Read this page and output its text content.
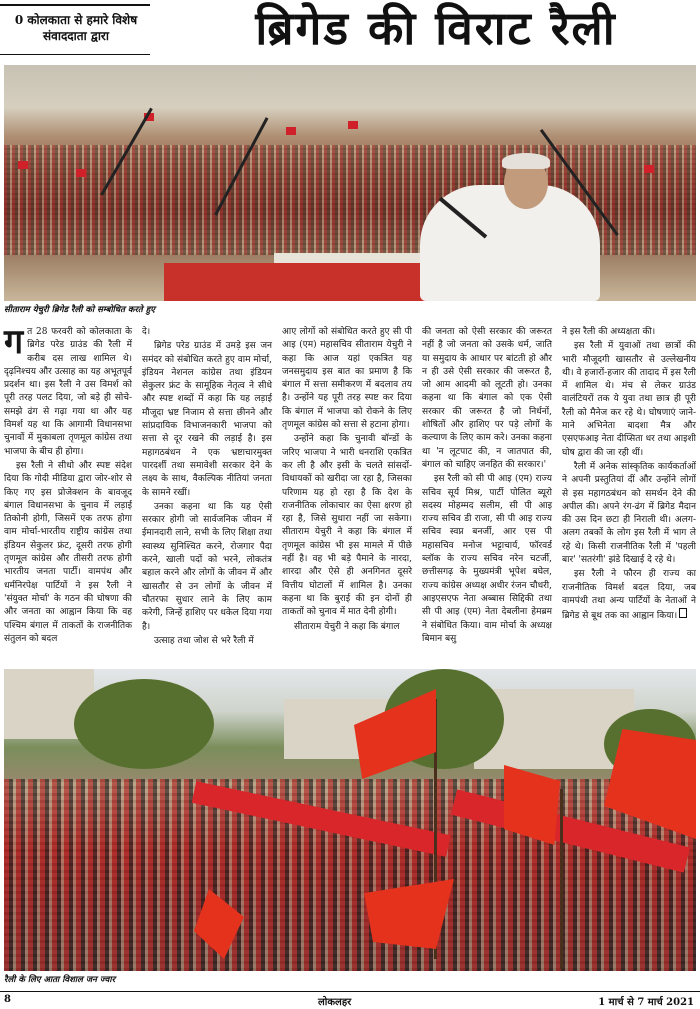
0 कोलकाता से हमारे विशेष संवाददाता द्वारा	ब्रिगेड की विराट रैली
सीताराम येचुरी ब्रिगेड रैली को सम्बोधित करते हुए

गत 28 फरवरी को कोलकाता के ब्रिगेड परेड ग्राउंड की रैली में करीब दस लाख शामिल थे। दृढ़निश्चय और उत्साह का यह अभूतपूर्व प्रदर्शन था। इस रैली ने उस विमर्श को पूरी तरह पलट दिया, जो बड़े ही सोचे-समझे ढंग से गढ़ा गया था और यह विमर्श यह था कि आगामी विधानसभा चुनावों में मुकाबला तृणमूल कांग्रेस तथा भाजपा के बीच ही होगा।

इस रैली ने सीधो और स्पष्ट संदेश दिया कि गोदी मीडिया द्वारा जोर-शोर से किए गए इस प्रोजेक्शन के बावजूद बंगाल विधानसभा के चुनाव में लड़ाई तिकोनी होगी, जिसमें एक तरफ होगा वाम मोर्चा-भारतीय राष्ट्रीय कांग्रेस तथा इंडियन सेकुलर फ्रंट, दूसरी तरफ होगी तृणमूल कांग्रेस और तीसरी तरफ होगी भारतीय जनता पार्टी। वामपंथ और धर्मनिरपेक्ष पार्टियों ने इस रैली ने 'संयुक्त मोर्चा' के गठन की घोषणा की और जनता का आह्वान किया कि वह पश्चिम बंगाल में ताकतों के राजनीतिक संतुलन को बदल

दे।

ब्रिगेड परेड ग्राउंड में उमड़े इस जन समंदर को संबोधित करते हुए वाम मोर्चा, इंडियन नेशनल कांग्रेस तथा इंडियन सेकुलर फ्रंट के सामूहिक नेतृत्व ने सीधे और स्पष्ट शब्दों में कहा कि यह लड़ाई मौजूदा भ्रष्ट निजाम से सत्ता छीनने और सांप्रदायिक विभाजनकारी भाजपा को सत्ता से दूर रखने की लड़ाई है। इस महागठबंधन ने एक भ्रष्टाचारमुक्त पारदर्शी तथा समावेशी सरकार देने के लक्ष्य के साथ, वैकल्पिक नीतियां जनता के सामने रखीं।

उनका कहना था कि यह ऐसी सरकार होगी जो सार्वजनिक जीवन में ईमानदारी लाने, सभी के लिए शिक्षा तथा स्वास्थ्य सुनिश्चित करने, रोजगार पैदा करने, खाली पदों को भरने, लोकतंत्र बहाल करने और लोगों के जीवन में और खासतौर से उन लोगों के जीवन में चौतरफा सुधार लाने के लिए काम करेगी, जिन्हें हाशिए पर धकेल दिया गया है।

उत्साह तथा जोश से भरे रैली में

आए लोगों को संबोधित करते हुए सी पी आइ (एम) महासचिव सीताराम येचुरी ने कहा कि आज यहां एकत्रित यह जनसमुदाय इस बात का प्रमाण है कि बंगाल में सत्ता समीकरण में बदलाव तय है। उन्होंने यह पूरी तरह स्पष्ट कर दिया कि बंगाल में भाजपा को रोकने के लिए तृणमूल कांग्रेस को सत्ता से हटाना होगा।

उन्होंने कहा कि चुनावी बॉन्डों के जरिए भाजपा ने भारी धनराशि एकत्रित कर ली है और इसी के चलते सांसदों-विधायकों को खरीदा जा रहा है, जिसका परिणाम यह हो रहा है कि देश के राजनीतिक लोकाचार का ऐसा क्षरण हो रहा है, जिसे सुधारा नहीं जा सकेगा। सीताराम येचुरी ने कहा कि बंगाल में तृणमूल कांग्रेस भी इस मामले में पीछे नहीं है। वह भी बड़े पैमाने के नारदा, शारदा और ऐसे ही अनगिनत दूसरे वित्तीय घोटालों में शामिल है। उनका कहना था कि बुराई की इन दोनों ही ताकतों को चुनाव में मात देनी होगी।

सीताराम येचुरी ने कहा कि बंगाल

की जनता को ऐसी सरकार की जरूरत नहीं है जो जनता को उसके धर्म, जाति या समुदाय के आधार पर बांटती हो और न ही उसे ऐसी सरकार की जरूरत है, जो आम आदमी को लूटती हो। उनका कहना था कि बंगाल को एक ऐसी सरकार की जरूरत है जो निर्धनों, शोषितों और हाशिए पर पड़े लोगों के कल्याण के लिए काम करे। उनका कहना था 'न लूटपाट की, न जातपात की, बंगाल को चाहिए जनहित की सरकार।'

इस रैली को सी पी आइ (एम) राज्य सचिव सूर्य मिश्र, पार्टी पोलित ब्यूरो सदस्य मोहम्मद सलीम, सी पी आइ राज्य सचिव डी राजा, सी पी आइ राज्य सचिव स्वप्न बनर्जी, आर एस पी महासचिव मनोज भट्टाचार्य, फॉरवर्ड ब्लॉक के राज्य सचिव नरेन चटर्जी, छत्तीसगढ़ के मुख्यमंत्री भूपेश बघेल, राज्य कांग्रेस अध्यक्ष अधीर रंजन चौधरी, आइएसएफ नेता अब्बास सिद्दिकी तथा सी पी आइ (एम) नेता देबलीना हेमब्रम ने संबोधित किया। वाम मोर्चा के अध्यक्ष बिमान बसु

ने इस रैली की अध्यक्षता की।

इस रैली में युवाओं तथा छात्रों की भारी मौजूदगी खासतौर से उल्लेखनीय थी। वे हजारों-हजार की तादाद में इस रैली में शामिल थे। मंच से लेकर ग्राउंड वालंटियरों तक ये युवा तथा छात्र ही पूरी रैली को मैनेज कर रहे थे। घोषणाएं जाने-माने अभिनेता बादशा मैत्र और एसएफआइ नेता दीप्सिता धर तथा आइशी घोष द्वारा की जा रही थीं।

रैली में अनेक सांस्कृतिक कार्यकर्ताओं ने अपनी प्रस्तुतियां दीं और उन्होंने लोगों से इस महागठबंधन को समर्थन देने की अपील की। अपने रंग-ढंग में ब्रिगेड मैदान की उस दिन छटा ही निराली थी। अलग-अलग तबकों के लोग इस रैली में भाग ले रहे थे। किसी राजनीतिक रैली में 'पहली बार' 'सतरंगी' झंडे दिखाई दे रहे थे।

इस रैली ने फौरन ही राज्य का राजनीतिक विमर्श बदल दिया, जब वामपंथी तथा अन्य पार्टियों के नेताओं ने ब्रिगेड से बूथ तक का आह्वान किया।

रैली के लिए आता विशाल जन ज्वार
8	लोकलहर	1 मार्च से 7 मार्च 2021
